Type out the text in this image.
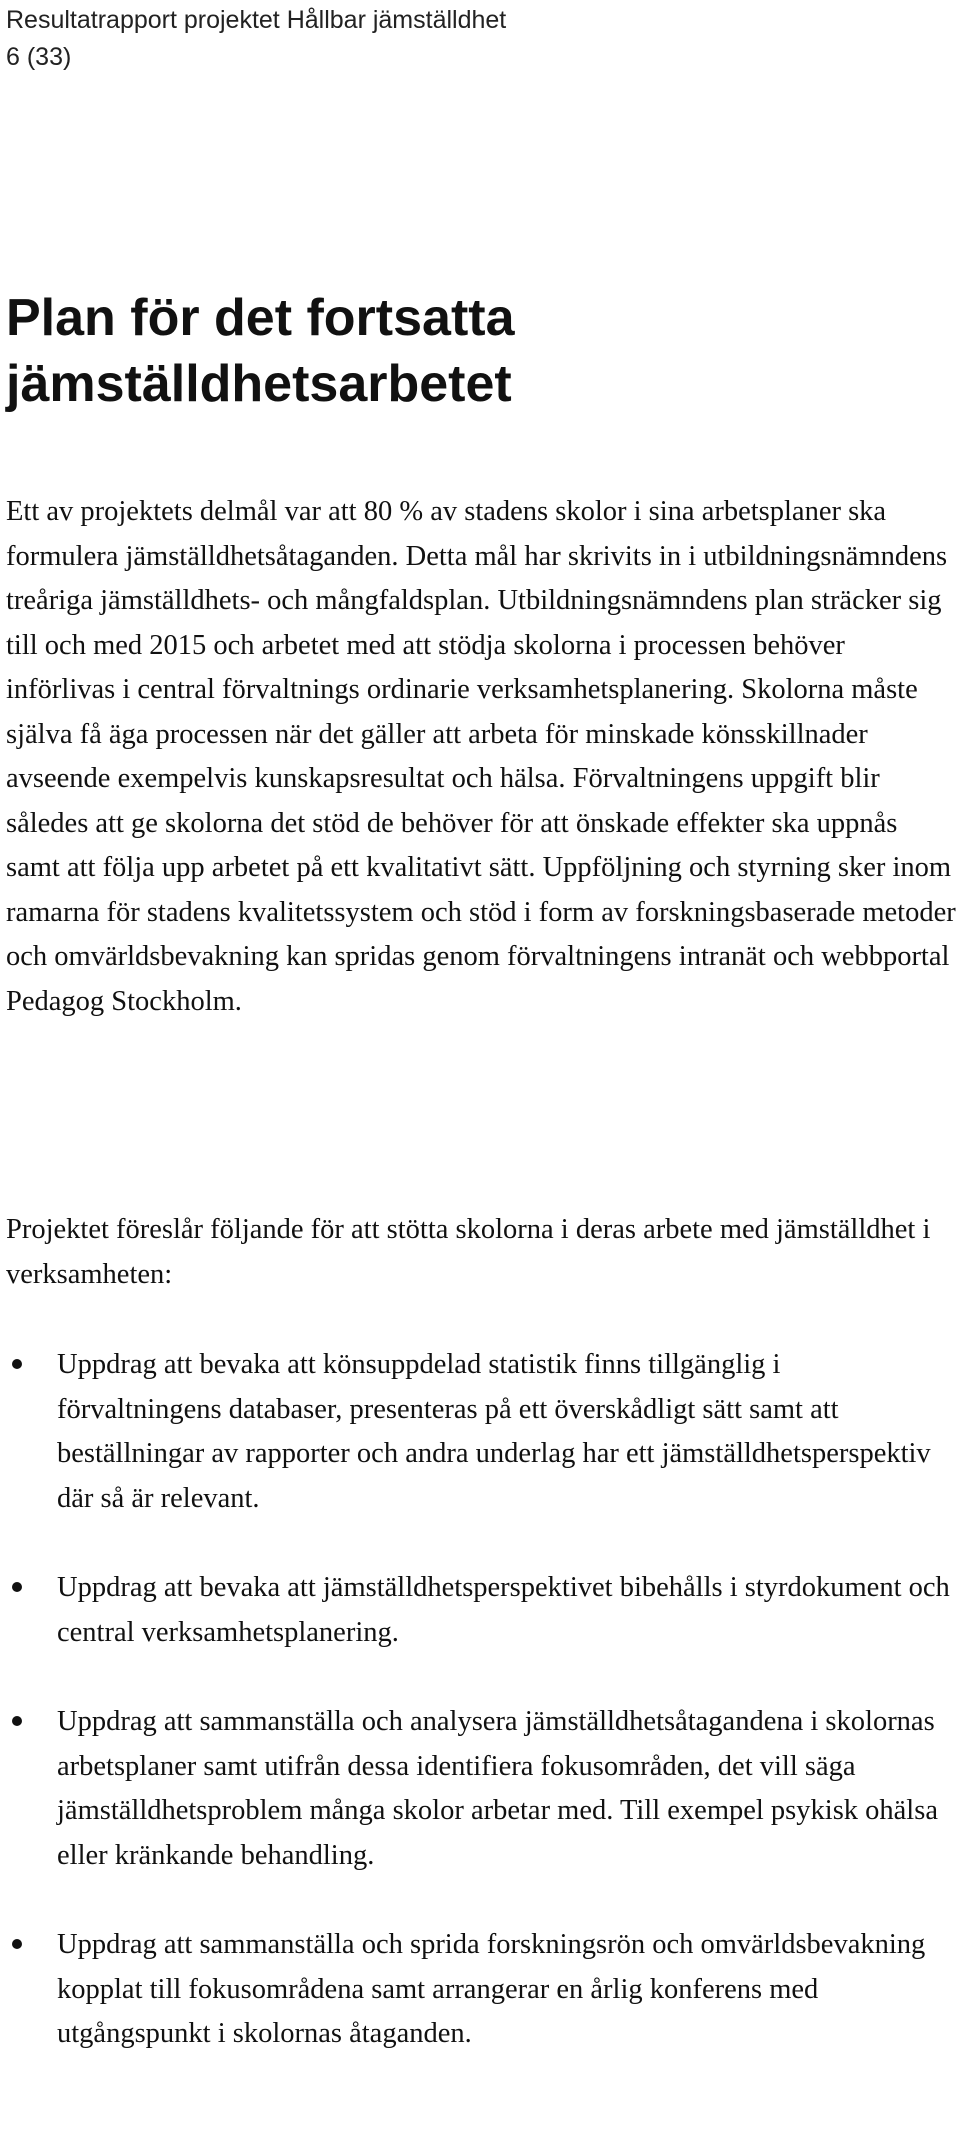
Resultatrapport projektet Hållbar jämställdhet
6 (33)
Plan för det fortsatta jämställdhetsarbetet

Ett av projektets delmål var att 80 % av stadens skolor i sina arbetsplaner ska formulera jämställdhetsåtaganden. Detta mål har skrivits in i utbildningsnämndens treåriga jämställdhets- och mångfaldsplan. Utbildningsnämndens plan sträcker sig till och med 2015 och arbetet med att stödja skolorna i processen behöver införlivas i central förvaltnings ordinarie verksamhetsplanering. Skolorna måste själva få äga processen när det gäller att arbeta för minskade könsskillnader avseende exempelvis kunskapsresultat och hälsa. Förvaltningens uppgift blir således att ge skolorna det stöd de behöver för att önskade effekter ska uppnås samt att följa upp arbetet på ett kvalitativt sätt. Uppföljning och styrning sker inom ramarna för stadens kvalitetssystem och stöd i form av forskningsbaserade metoder och omvärldsbevakning kan spridas genom förvaltningens intranät och webbportal Pedagog Stockholm.

Projektet föreslår följande för att stötta skolorna i deras arbete med jämställdhet i verksamheten:

Uppdrag att bevaka att könsuppdelad statistik finns tillgänglig i förvaltningens databaser, presenteras på ett överskådligt sätt samt att beställningar av rapporter och andra underlag har ett jämställdhetsperspektiv där så är relevant.
Uppdrag att bevaka att jämställdhetsperspektivet bibehålls i styrdokument och central verksamhetsplanering.
Uppdrag att sammanställa och analysera jämställdhetsåtagandena i skolornas arbetsplaner samt utifrån dessa identifiera fokusområden, det vill säga jämställdhetsproblem många skolor arbetar med. Till exempel psykisk ohälsa eller kränkande behandling.
Uppdrag att sammanställa och sprida forskningsrön och omvärldsbevakning kopplat till fokusområdena samt arrangerar en årlig konferens med utgångspunkt i skolornas åtaganden.
